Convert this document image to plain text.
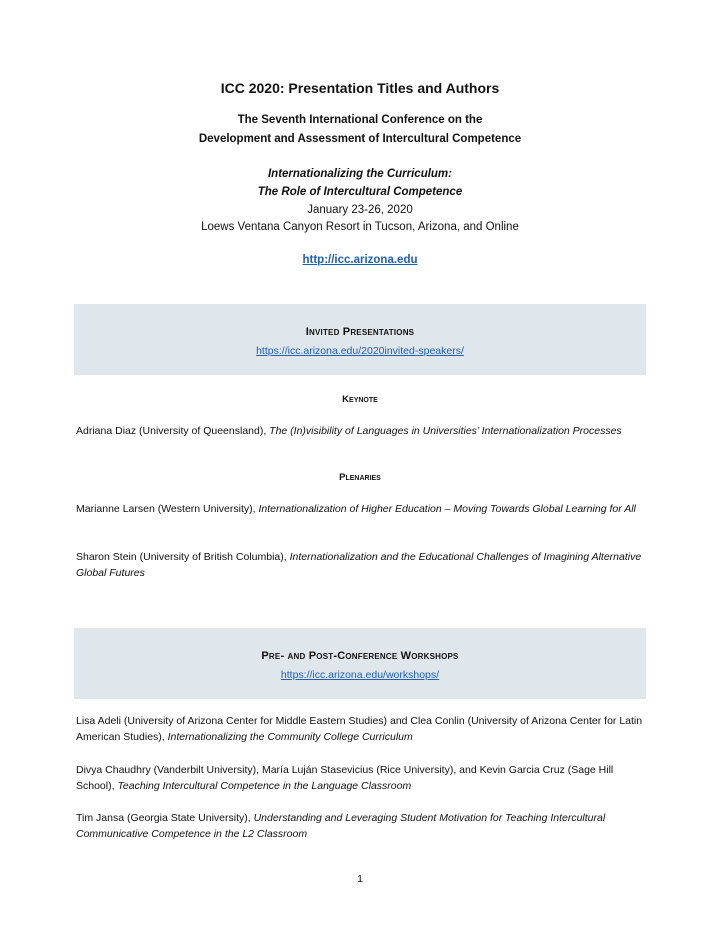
ICC 2020: Presentation Titles and Authors
The Seventh International Conference on the
Development and Assessment of Intercultural Competence
Internationalizing the Curriculum:
The Role of Intercultural Competence
January 23-26, 2020
Loews Ventana Canyon Resort in Tucson, Arizona, and Online
http://icc.arizona.edu
Invited Presentations
https://icc.arizona.edu/2020invited-speakers/
Keynote
Adriana Diaz (University of Queensland), The (In)visibility of Languages in Universities’ Internationalization Processes
Plenaries
Marianne Larsen (Western University), Internationalization of Higher Education – Moving Towards Global Learning for All
Sharon Stein (University of British Columbia), Internationalization and the Educational Challenges of Imagining Alternative Global Futures
Pre- and Post-Conference Workshops
https://icc.arizona.edu/workshops/
Lisa Adeli (University of Arizona Center for Middle Eastern Studies) and Clea Conlin (University of Arizona Center for Latin American Studies), Internationalizing the Community College Curriculum
Divya Chaudhry (Vanderbilt University), María Luján Stasevicius (Rice University), and Kevin Garcia Cruz (Sage Hill School), Teaching Intercultural Competence in the Language Classroom
Tim Jansa (Georgia State University), Understanding and Leveraging Student Motivation for Teaching Intercultural Communicative Competence in the L2 Classroom
1
